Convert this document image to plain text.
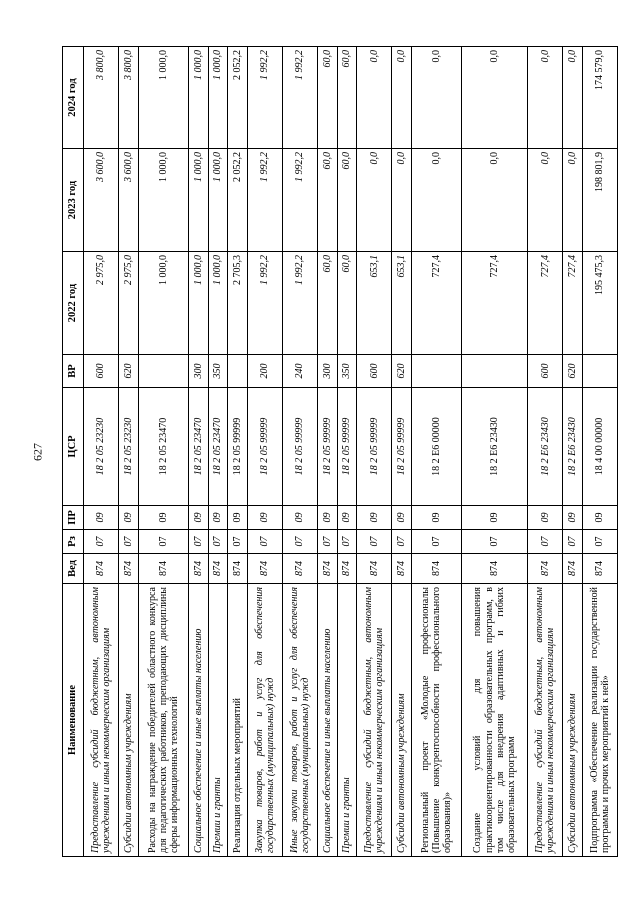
627
Наименование	Вед	Рз	ПР	ЦСР	ВР	2022 год	2023 год	2024 год
Предоставление субсидий бюджетным, автономным учреждениям и иным некоммерческим организациям	874	07	09	18 2 05 23230	600	2 975,0	3 600,0	3 800,0
Субсидии автономным учреждениям	874	07	09	18 2 05 23230	620	2 975,0	3 600,0	3 800,0
Расходы на награждение победителей областного конкурса для педагогических работников, преподающих дисциплины сферы информационных технологий	874	07	09	18 2 05 23470		1 000,0	1 000,0	1 000,0
Социальное обеспечение и иные выплаты населению	874	07	09	18 2 05 23470	300	1 000,0	1 000,0	1 000,0
Премии и гранты	874	07	09	18 2 05 23470	350	1 000,0	1 000,0	1 000,0
Реализация отдельных мероприятий	874	07	09	18 2 05 99999		2 705,3	2 052,2	2 052,2
Закупка товаров, работ и услуг для обеспечения государственных (муниципальных) нужд	874	07	09	18 2 05 99999	200	1 992,2	1 992,2	1 992,2
Иные закупки товаров, работ и услуг для обеспечения государственных (муниципальных) нужд	874	07	09	18 2 05 99999	240	1 992,2	1 992,2	1 992,2
Социальное обеспечение и иные выплаты населению	874	07	09	18 2 05 99999	300	60,0	60,0	60,0
Премии и гранты	874	07	09	18 2 05 99999	350	60,0	60,0	60,0
Предоставление субсидий бюджетным, автономным учреждениям и иным некоммерческим организациям	874	07	09	18 2 05 99999	600	653,1	0,0	0,0
Субсидии автономным учреждениям	874	07	09	18 2 05 99999	620	653,1	0,0	0,0
Региональный проект «Молодые профессионалы (Повышение конкурентоспособности профессионального образования)»	874	07	09	18 2 E6 00000		727,4	0,0	0,0
Создание условий для повышения практикоориентированности образовательных программ, в том числе для внедрения адаптивных и гибких образовательных программ	874	07	09	18 2 E6 23430		727,4	0,0	0,0
Предоставление субсидий бюджетным, автономным учреждениям и иным некоммерческим организациям	874	07	09	18 2 E6 23430	600	727,4	0,0	0,0
Субсидии автономным учреждениям	874	07	09	18 2 E6 23430	620	727,4	0,0	0,0
Подпрограмма «Обеспечение реализации государственной программы и прочих мероприятий к ней»	874	07	09	18 4 00 00000		195 475,3	198 801,9	174 579,0
